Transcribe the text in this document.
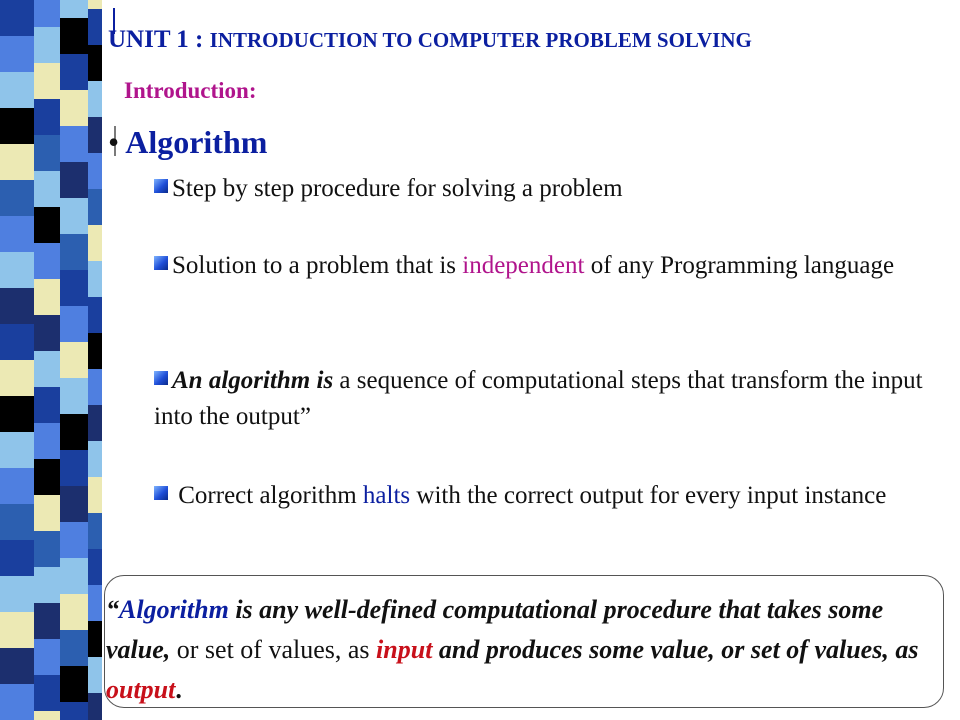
UNIT 1 : INTRODUCTION TO COMPUTER PROBLEM SOLVING
Introduction:
• Algorithm
Step by step procedure for solving a problem
Solution to a problem that is independent of any Programming language
An algorithm is a sequence of computational steps that transform the input into the output”
Correct algorithm halts with the correct output for every input instance
“Algorithm is any well-defined computational procedure that takes some value, or set of values, as input and produces some value, or set of values, as output.
